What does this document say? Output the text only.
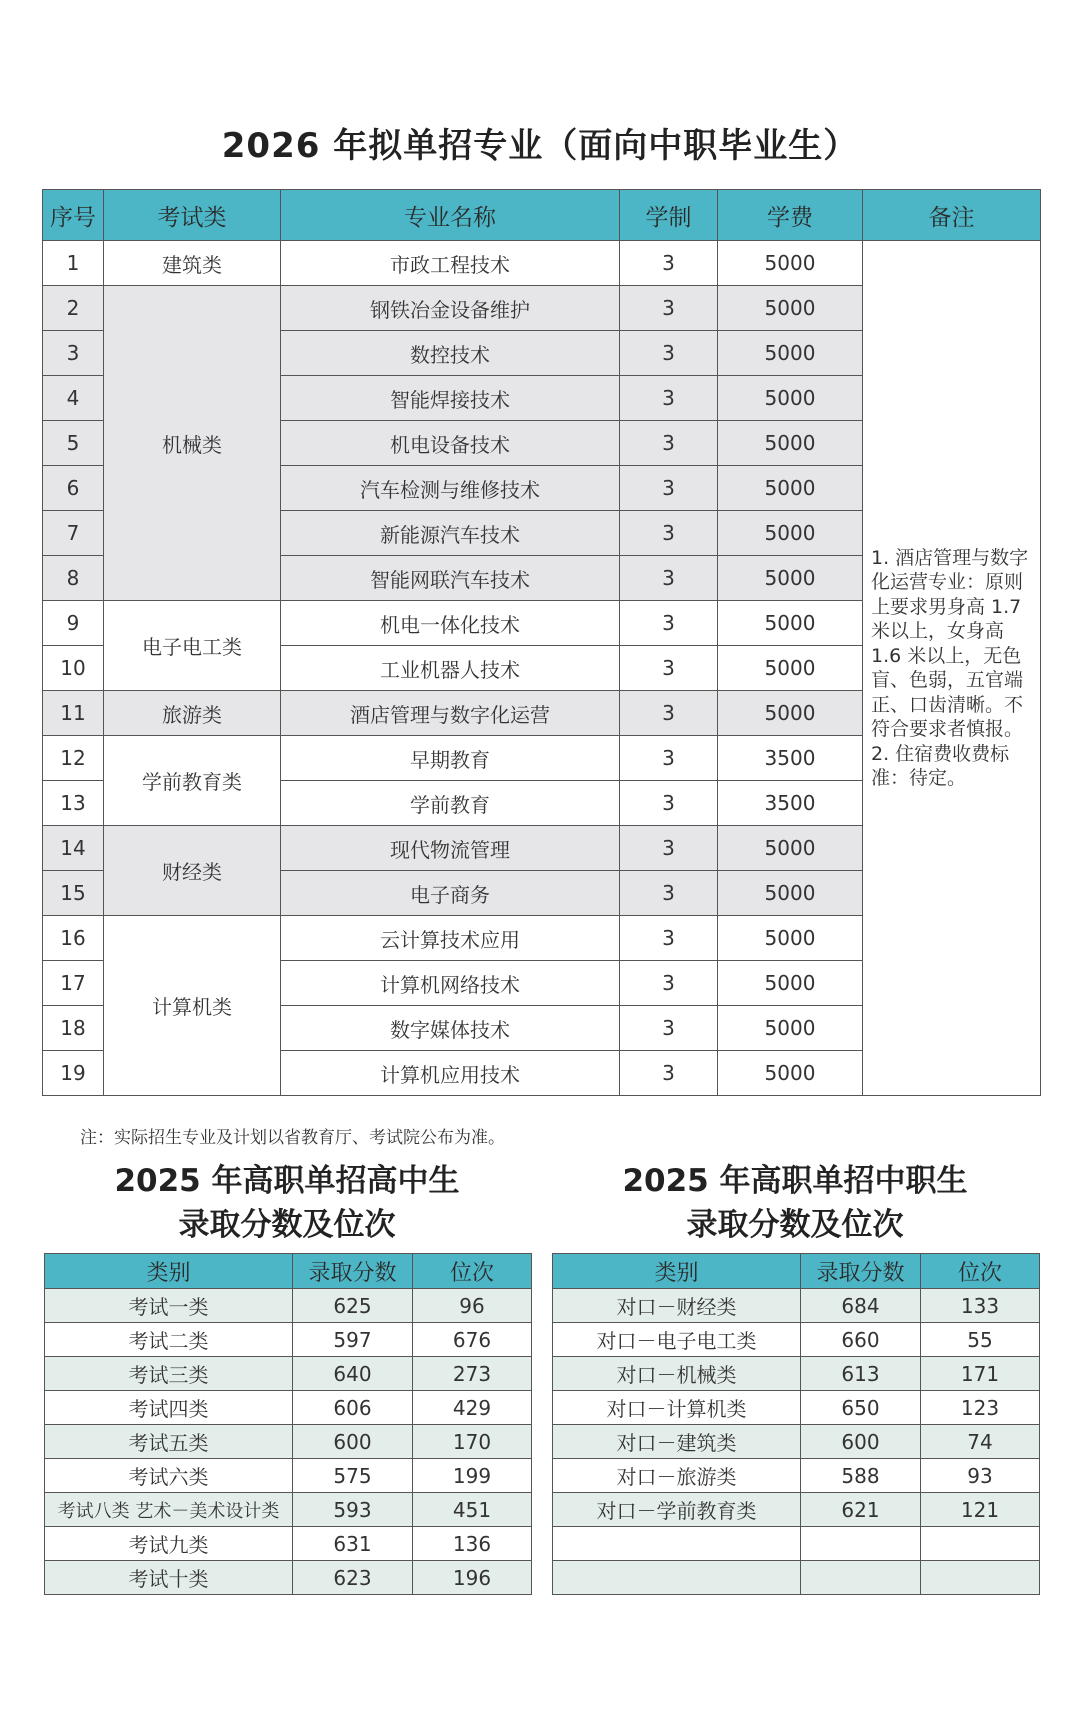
2026 年拟单招专业（面向中职毕业生）
序号	考试类	专业名称	学制	学费	备注
1	建筑类	市政工程技术	3	5000	1. 酒店管理与数字化运营专业：原则上要求男身高 1.7 米以上，女身高 1.6 米以上，无色盲、色弱，五官端正、口齿清晰。不符合要求者慎报。2. 住宿费收费标准：待定。
2	机械类	钢铁冶金设备维护	3	5000	
3		数控技术	3	5000	
4		智能焊接技术	3	5000	
5		机电设备技术	3	5000	
6		汽车检测与维修技术	3	5000	
7		新能源汽车技术	3	5000	
8		智能网联汽车技术	3	5000	
9	电子电工类	机电一体化技术	3	5000	
10		工业机器人技术	3	5000	
11	旅游类	酒店管理与数字化运营	3	5000	
12	学前教育类	早期教育	3	3500	
13		学前教育	3	3500	
14	财经类	现代物流管理	3	5000	
15		电子商务	3	5000	
16	计算机类	云计算技术应用	3	5000	
17		计算机网络技术	3	5000	
18		数字媒体技术	3	5000	
19		计算机应用技术	3	5000	
注：实际招生专业及计划以省教育厅、考试院公布为准。
2025 年高职单招高中生
录取分数及位次
2025 年高职单招中职生
录取分数及位次
类别	录取分数	位次
考试一类	625	96
考试二类	597	676
考试三类	640	273
考试四类	606	429
考试五类	600	170
考试六类	575	199
考试八类 艺术－美术设计类	593	451
考试九类	631	136
考试十类	623	196
类别	录取分数	位次
对口－财经类	684	133
对口－电子电工类	660	55
对口－机械类	613	171
对口－计算机类	650	123
对口－建筑类	600	74
对口－旅游类	588	93
对口－学前教育类	621	121
